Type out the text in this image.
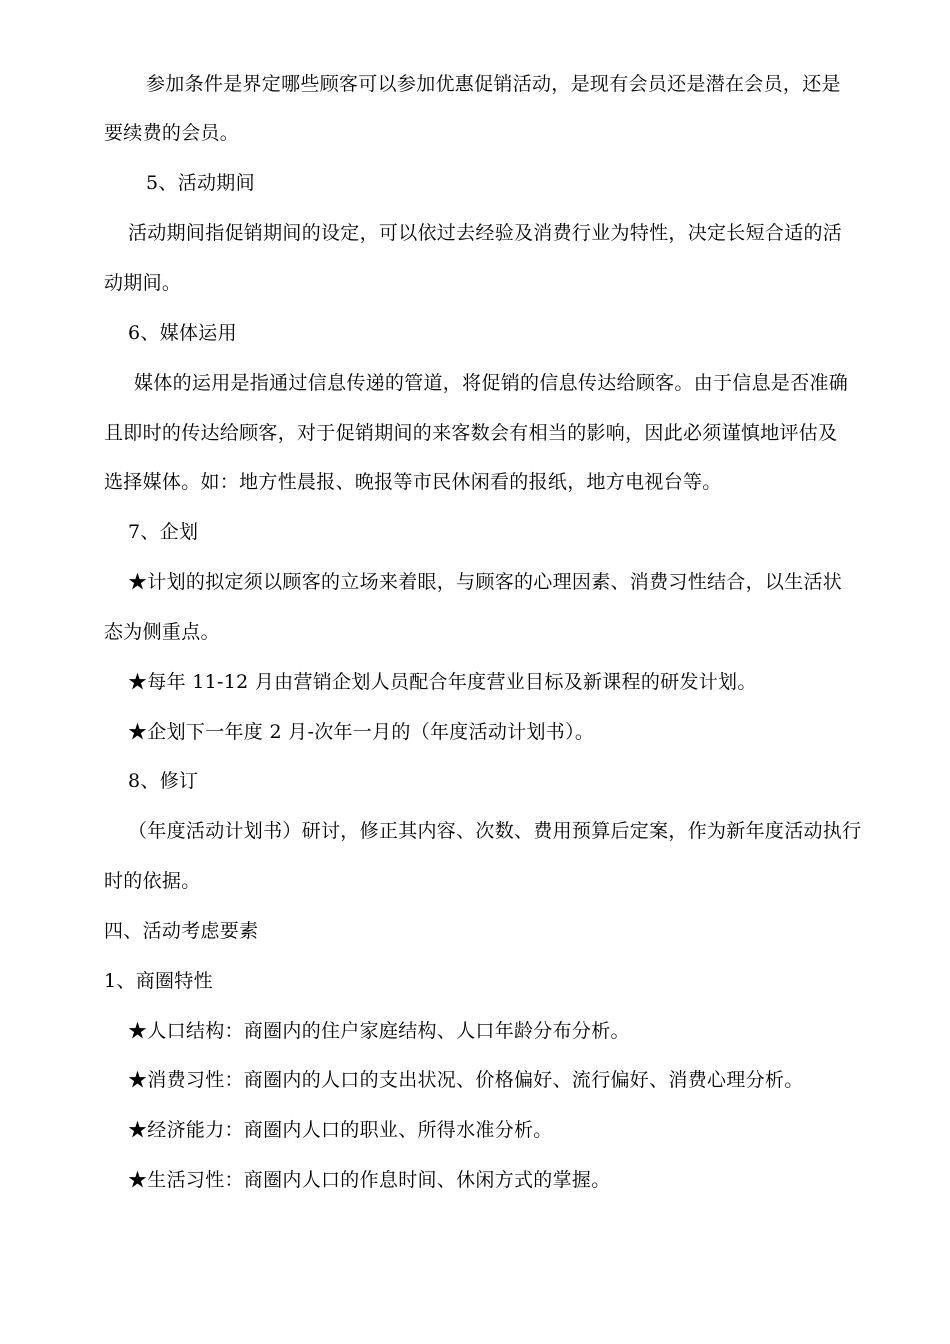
参加条件是界定哪些顾客可以参加优惠促销活动，是现有会员还是潜在会员，还是
要续费的会员。
5、活动期间
活动期间指促销期间的设定，可以依过去经验及消费行业为特性，决定长短合适的活
动期间。
6、媒体运用
媒体的运用是指通过信息传递的管道，将促销的信息传达给顾客。由于信息是否准确
且即时的传达给顾客，对于促销期间的来客数会有相当的影响，因此必须谨慎地评估及
选择媒体。如：地方性晨报、晚报等市民休闲看的报纸，地方电视台等。
7、企划
★计划的拟定须以顾客的立场来着眼，与顾客的心理因素、消费习性结合，以生活状
态为侧重点。
★每年 11-12 月由营销企划人员配合年度营业目标及新课程的研发计划。
★企划下一年度 2 月-次年一月的（年度活动计划书）。
8、修订
（年度活动计划书）研讨，修正其内容、次数、费用预算后定案，作为新年度活动执行
时的依据。
四、活动考虑要素
1、商圈特性
★人口结构：商圈内的住户家庭结构、人口年龄分布分析。
★消费习性：商圈内的人口的支出状况、价格偏好、流行偏好、消费心理分析。
★经济能力：商圈内人口的职业、所得水准分析。
★生活习性：商圈内人口的作息时间、休闲方式的掌握。
